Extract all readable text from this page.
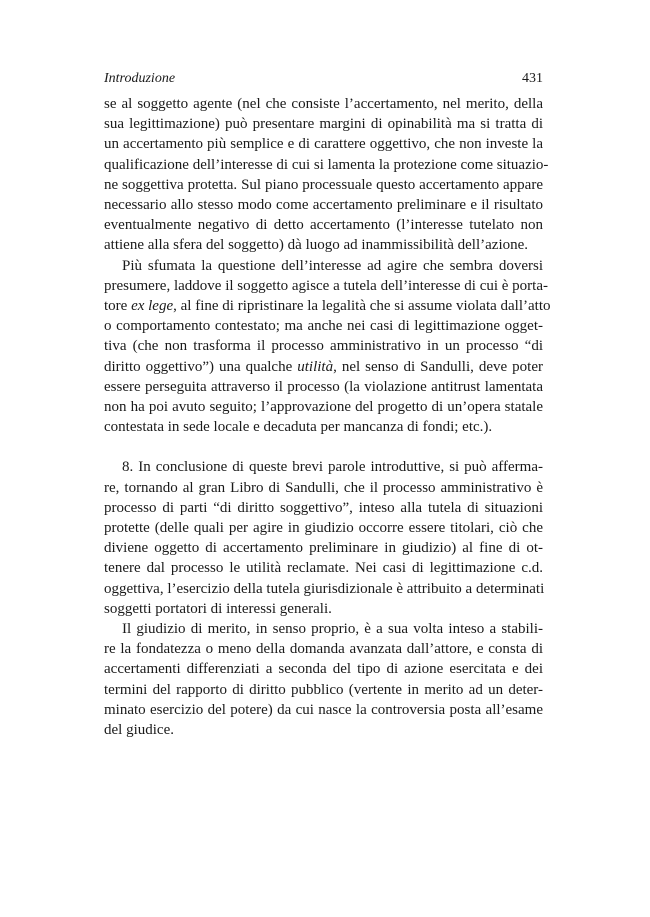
Introduzione	431
se al soggetto agente (nel che consiste l’accertamento, nel merito, della
sua legittimazione) può presentare margini di opinabilità ma si tratta di
un accertamento più semplice e di carattere oggettivo, che non investe la
qualificazione dell’interesse di cui si lamenta la protezione come situazio-
ne soggettiva protetta. Sul piano processuale questo accertamento appare
necessario allo stesso modo come accertamento preliminare e il risultato
eventualmente negativo di detto accertamento (l’interesse tutelato non
attiene alla sfera del soggetto) dà luogo ad inammissibilità dell’azione.
Più sfumata la questione dell’interesse ad agire che sembra doversi
presumere, laddove il soggetto agisce a tutela dell’interesse di cui è porta-
tore ex lege, al fine di ripristinare la legalità che si assume violata dall’atto
o comportamento contestato; ma anche nei casi di legittimazione ogget-
tiva (che non trasforma il processo amministrativo in un processo “di
diritto oggettivo”) una qualche utilità, nel senso di Sandulli, deve poter
essere perseguita attraverso il processo (la violazione antitrust lamentata
non ha poi avuto seguito; l’approvazione del progetto di un’opera statale
contestata in sede locale e decaduta per mancanza di fondi; etc.).
8. In conclusione di queste brevi parole introduttive, si può afferma-
re, tornando al gran Libro di Sandulli, che il processo amministrativo è
processo di parti “di diritto soggettivo”, inteso alla tutela di situazioni
protette (delle quali per agire in giudizio occorre essere titolari, ciò che
diviene oggetto di accertamento preliminare in giudizio) al fine di ot-
tenere dal processo le utilità reclamate. Nei casi di legittimazione c.d.
oggettiva, l’esercizio della tutela giurisdizionale è attribuito a determinati
soggetti portatori di interessi generali.
Il giudizio di merito, in senso proprio, è a sua volta inteso a stabili-
re la fondatezza o meno della domanda avanzata dall’attore, e consta di
accertamenti differenziati a seconda del tipo di azione esercitata e dei
termini del rapporto di diritto pubblico (vertente in merito ad un deter-
minato esercizio del potere) da cui nasce la controversia posta all’esame
del giudice.
